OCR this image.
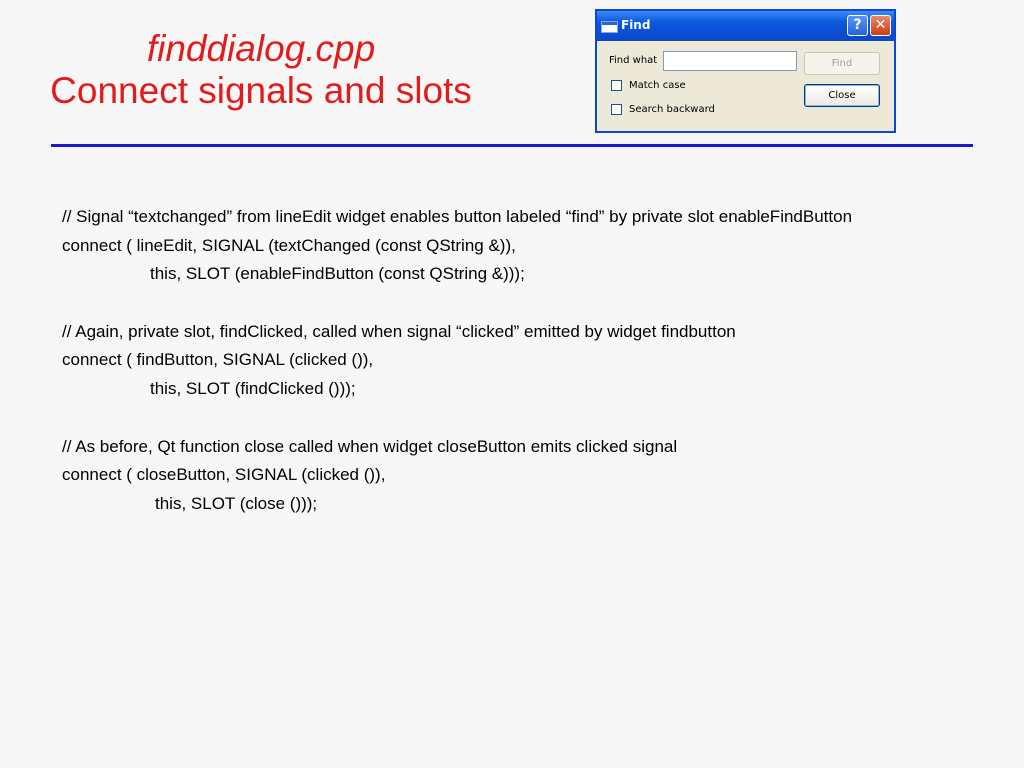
finddialog.cpp
Connect signals and slots
Find	? ✕
Find what
Match case
Search backward
Find
Close
// Signal “textchanged” from lineEdit widget enables button labeled “find” by private slot enableFindButton
connect ( lineEdit, SIGNAL (textChanged (const QString &)),
this, SLOT (enableFindButton (const QString &)));
// Again, private slot, findClicked, called when signal “clicked” emitted by widget findbutton
connect ( findButton, SIGNAL (clicked ()),
this, SLOT (findClicked ()));
// As before, Qt function close called when widget closeButton emits clicked signal
connect ( closeButton, SIGNAL (clicked ()),
this, SLOT (close ()));
